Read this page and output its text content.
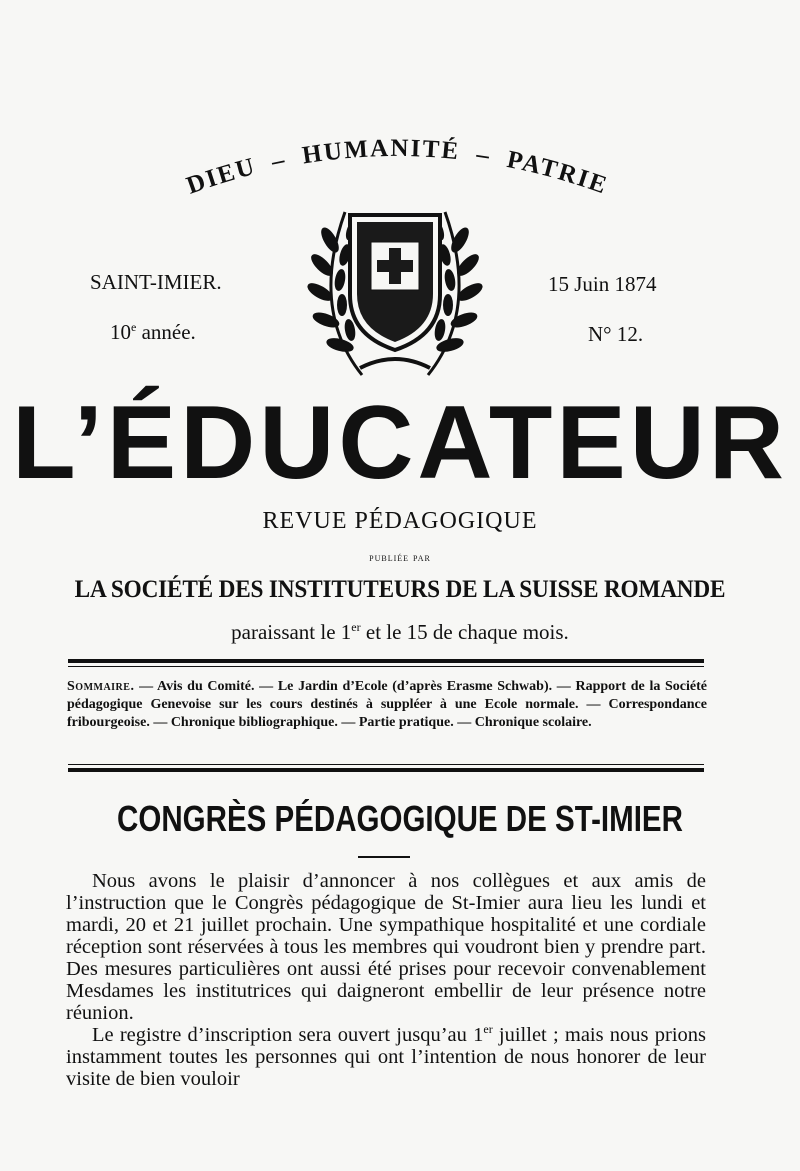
DIEU – HUMANITÉ – PATRIE
SAINT-IMIER.
10e année.
15 Juin 1874
N° 12.
L’ÉDUCATEUR
REVUE PÉDAGOGIQUE
publiée par
LA SOCIÉTÉ DES INSTITUTEURS DE LA SUISSE ROMANDE
paraissant le 1er et le 15 de chaque mois.
Sommaire. — Avis du Comité. — Le Jardin d’Ecole (d’après Erasme Schwab). — Rapport de la Société pédagogique Genevoise sur les cours destinés à suppléer à une Ecole normale. — Correspondance fribourgeoise. — Chronique bibliographique. — Partie pratique. — Chronique scolaire.
CONGRÈS PÉDAGOGIQUE DE ST-IMIER

Nous avons le plaisir d’annoncer à nos collègues et aux amis de l’instruction que le Congrès pédagogique de St-Imier aura lieu les lundi et mardi, 20 et 21 juillet prochain. Une sympathique hospitalité et une cordiale réception sont réservées à tous les membres qui voudront bien y prendre part. Des mesures particulières ont aussi été prises pour recevoir convenablement Mesdames les institutrices qui daigneront embellir de leur présence notre réunion.

Le registre d’inscription sera ouvert jusqu’au 1er juillet ; mais nous prions instamment toutes les personnes qui ont l’intention de nous honorer de leur visite de bien vouloir
